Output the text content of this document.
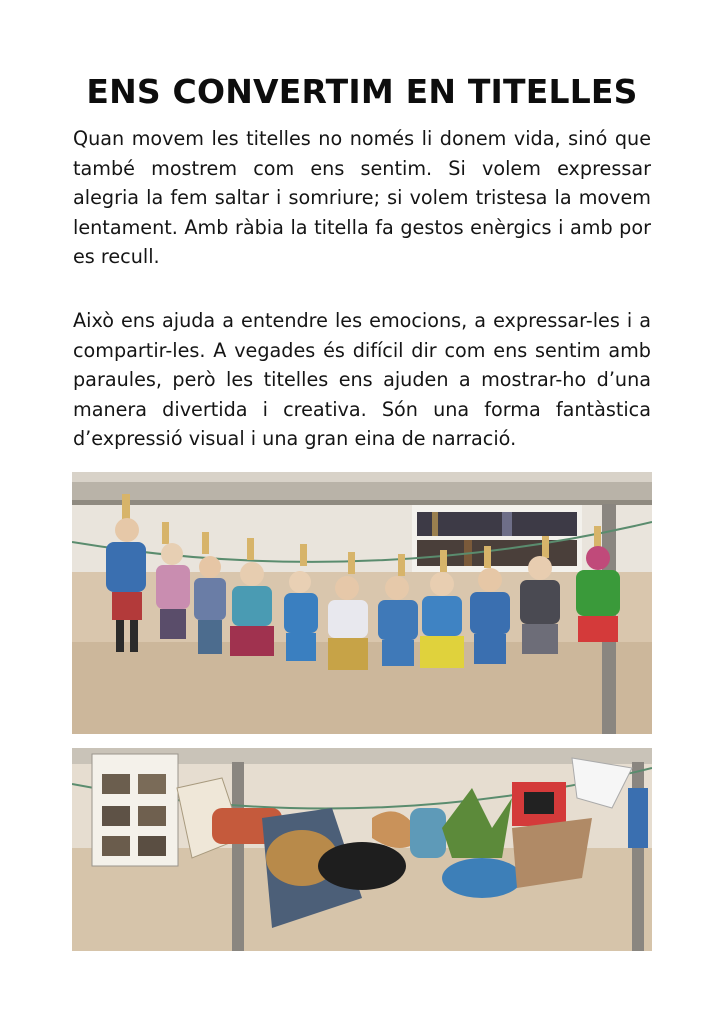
ENS CONVERTIM EN TITELLES

Quan movem les titelles no només li donem vida, sinó que també mostrem com ens sentim. Si volem expressar alegria la fem saltar i somriure; si volem tristesa la movem lentament. Amb ràbia la titella fa gestos enèrgics i amb por es recull.

Això ens ajuda a entendre les emocions, a expressar-les i a compartir-les. A vegades és difícil dir com ens sentim amb paraules, però les titelles ens ajuden a mostrar-ho d’una manera divertida i creativa. Són una forma fantàstica d’expressió visual i una gran eina de narració.
